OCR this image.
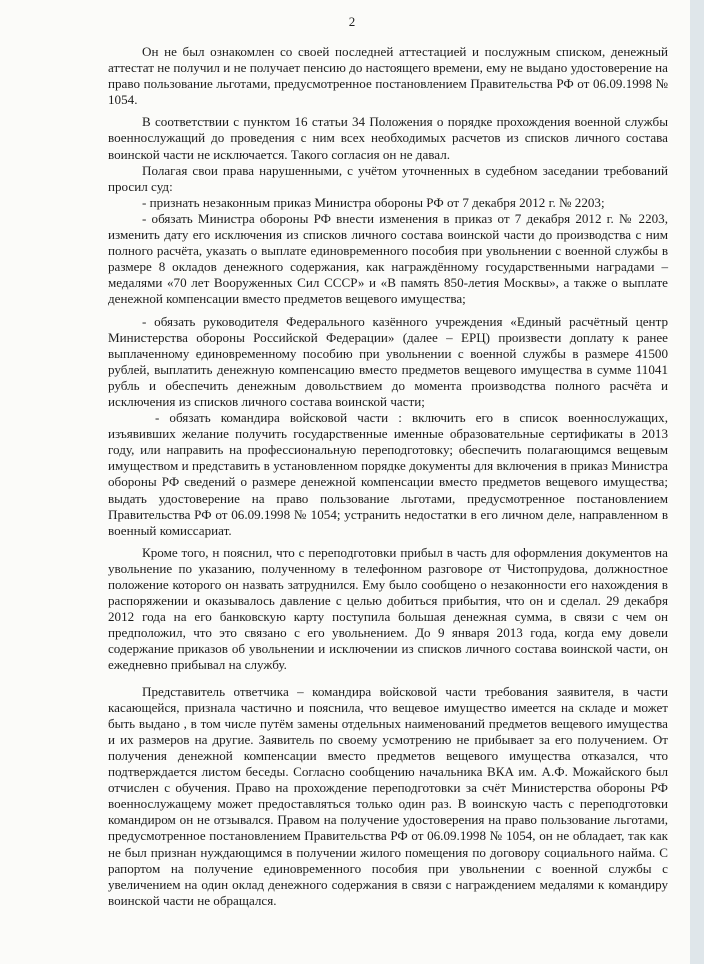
2

Он не был ознакомлен со своей последней аттестацией и послужным списком, денежный аттестат не получил и не получает пенсию до настоящего времени, ему не выдано удостоверение на право пользование льготами, предусмотренное постановлением Правительства РФ от 06.09.1998 № 1054.

В соответствии с пунктом 16 статьи 34 Положения о порядке прохождения военной службы военнослужащий до проведения с ним всех необходимых расчетов из списков личного состава воинской части не исключается. Такого согласия он не давал.

Полагая свои права нарушенными, с учётом уточненных в судебном заседании требований просил суд:

- признать незаконным приказ Министра обороны РФ от 7 декабря 2012 г. № 2203;

- обязать Министра обороны РФ внести изменения в приказ от 7 декабря 2012 г. № 2203, изменить дату его исключения из списков личного состава воинской части до производства с ним полного расчёта, указать о выплате единовременного пособия при увольнении с военной службы в размере 8 окладов денежного содержания, как награждённому государственными наградами – медалями «70 лет Вооруженных Сил СССР» и «В память 850-летия Москвы», а также о выплате денежной компенсации вместо предметов вещевого имущества;

- обязать руководителя Федерального казённого учреждения «Единый расчётный центр Министерства обороны Российской Федерации» (далее – ЕРЦ) произвести доплату к ранее выплаченному единовременному пособию при увольнении с военной службы в размере 41500 рублей, выплатить денежную компенсацию вместо предметов вещевого имущества в сумме 11041 рубль и обеспечить денежным довольствием до момента производства полного расчёта и исключения из списков личного состава воинской части;

- обязать командира войсковой части : включить его в список военнослужащих, изъявивших желание получить государственные именные образовательные сертификаты в 2013 году, или направить на профессиональную переподготовку; обеспечить полагающимся вещевым имуществом и представить в установленном порядке документы для включения в приказ Министра обороны РФ сведений о размере денежной компенсации вместо предметов вещевого имущества; выдать удостоверение на право пользование льготами, предусмотренное постановлением Правительства РФ от 06.09.1998 № 1054; устранить недостатки в его личном деле, направленном в военный комиссариат.

Кроме того, н пояснил, что с переподготовки прибыл в часть для оформления документов на увольнение по указанию, полученному в телефонном разговоре от Чистопрудова, должностное положение которого он назвать затруднился. Ему было сообщено о незаконности его нахождения в распоряжении и оказывалось давление с целью добиться прибытия, что он и сделал. 29 декабря 2012 года на его банковскую карту поступила большая денежная сумма, в связи с чем он предположил, что это связано с его увольнением. До 9 января 2013 года, когда ему довели содержание приказов об увольнении и исключении из списков личного состава воинской части, он ежедневно прибывал на службу.

Представитель ответчика – командира войсковой части требования заявителя, в части касающейся, признала частично и пояснила, что вещевое имущество имеется на складе и может быть выдано , в том числе путём замены отдельных наименований предметов вещевого имущества и их размеров на другие. Заявитель по своему усмотрению не прибывает за его получением. От получения денежной компенсации вместо предметов вещевого имущества отказался, что подтверждается листом беседы. Согласно сообщению начальника ВКА им. А.Ф. Можайского был отчислен с обучения. Право на прохождение переподготовки за счёт Министерства обороны РФ военнослужащему может предоставляться только один раз. В воинскую часть с переподготовки командиром он не отзывался. Правом на получение удостоверения на право пользование льготами, предусмотренное постановлением Правительства РФ от 06.09.1998 № 1054, он не обладает, так как не был признан нуждающимся в получении жилого помещения по договору социального найма. С рапортом на получение единовременного пособия при увольнении с военной службы с увеличением на один оклад денежного содержания в связи с награждением медалями к командиру воинской части не обращался.
